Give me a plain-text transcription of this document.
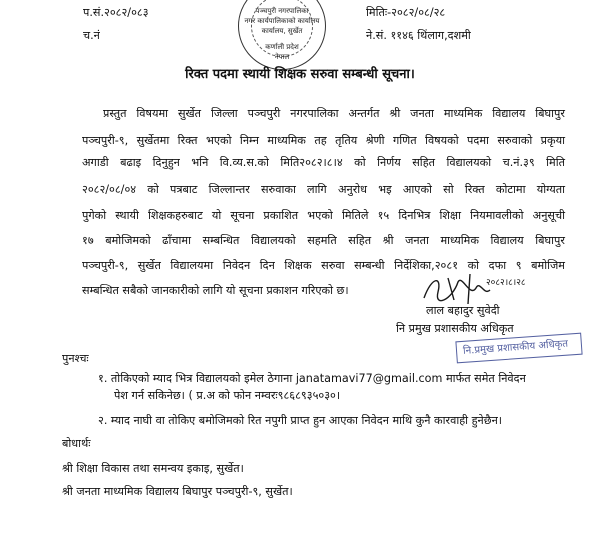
प.सं.२०८२/०८३
च.नं
मितिः-२०८२/०८/२८
ने.सं. ११४६ थिंलाग,दशमी
पञ्चपुरी नगरपालिका
नगर कार्यपालिकाको कार्यालय
कार्यालय, सुर्खेत
कर्णाली प्रदेश
नेपाल
रिक्त पदमा स्थायी शिक्षक सरुवा सम्बन्धी सूचना।
प्रस्तुत विषयमा सुर्खेत जिल्ला पञ्चपुरी नगरपालिका अन्तर्गत श्री जनता माध्यमिक विद्यालय बिघापुर
पञ्चपुरी-९, सुर्खेतमा रिक्त भएको निम्न माध्यमिक तह तृतिय श्रेणी गणित विषयको पदमा सरुवाको प्रकृया
अगाडी बढाइ दिनुहुन भनि वि.व्य.स.को मिति२०८२।८।४ को निर्णय सहित विद्यालयको च.नं.३९ मिति
२०८२/०८/०४ को पत्रबाट जिल्लान्तर सरुवाका लागि अनुरोध भइ आएको सो रिक्त कोटामा योग्यता
पुगेको स्थायी शिक्षकहरुबाट यो सूचना प्रकाशित भएको मितिले १५ दिनभित्र शिक्षा नियमावलीको अनुसूची
१७ बमोजिमको ढाँचामा सम्बन्धित विद्यालयको सहमति सहित श्री जनता माध्यमिक विद्यालय बिघापुर
पञ्चपुरी-९, सुर्खेत विद्यालयमा निवेदन दिन शिक्षक सरुवा सम्बन्धी निर्देशिका,२०८१ को दफा ९ बमोजिम
सम्बन्धित सबैको जानकारीको लागि यो सूचना प्रकाशन गरिएको छ।
२०८२।८।२८
लाल बहादुर सुवेदी
नि प्रमुख प्रशासकीय अधिकृत
नि.प्रमुख प्रशासकीय अधिकृत
पुनश्चः
१. तोकिएको म्याद भित्र विद्यालयको इमेल ठेगाना janatamavi77@gmail.com मार्फत समेत निवेदन
पेश गर्न सकिनेछ। ( प्र.अ को फोन नम्वरः९८६८९३५०३०।
२. म्याद नाघी वा तोकिए बमोजिमको रित नपुगी प्राप्त हुन आएका निवेदन माथि कुनै कारवाही हुनेछैन।
बोधार्थः
श्री शिक्षा विकास तथा समन्वय इकाइ, सुर्खेत।
श्री जनता माध्यमिक विद्यालय बिघापुर पञ्चपुरी-९, सुर्खेत।
